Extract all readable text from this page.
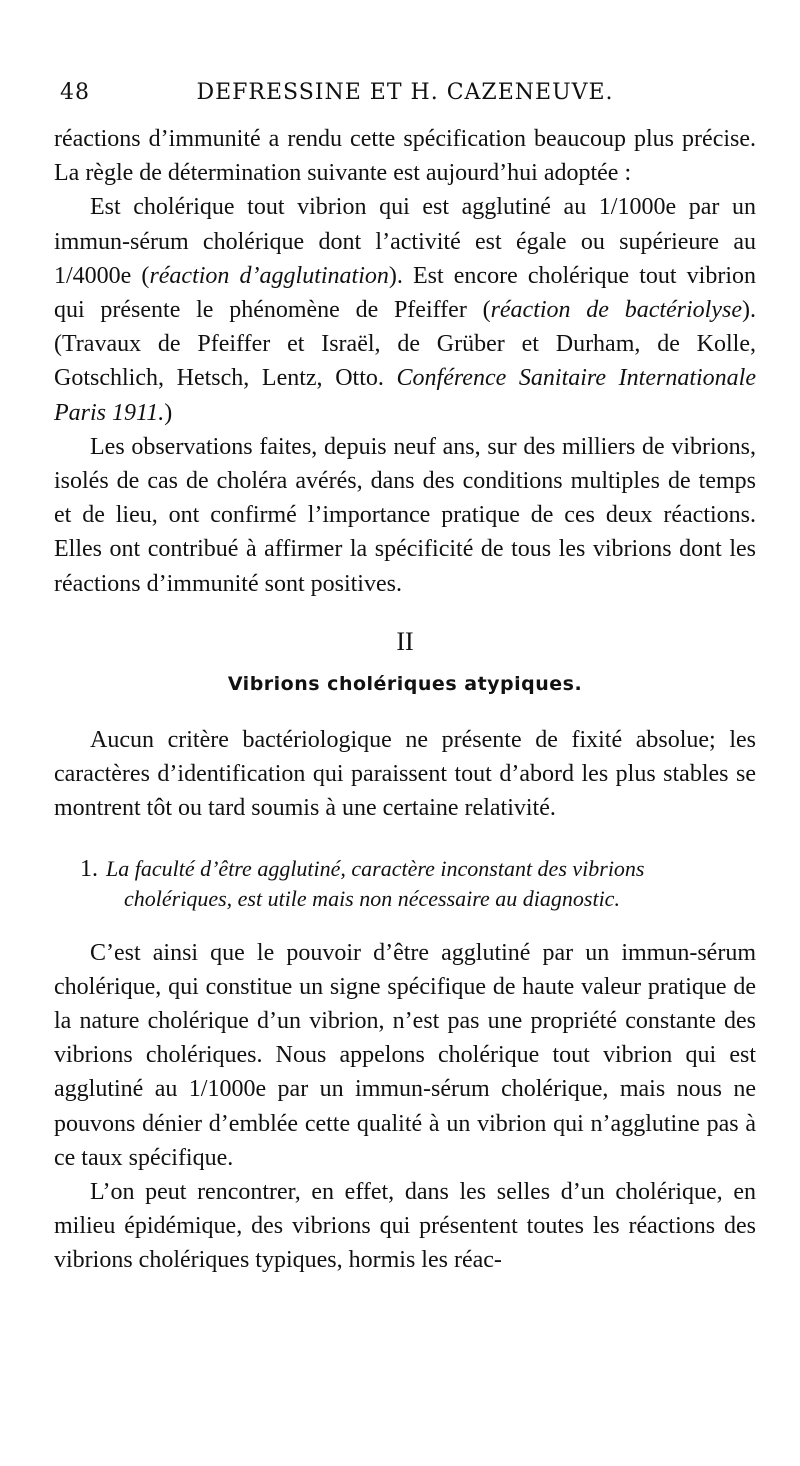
48	DEFRESSINE ET H. CAZENEUVE.

réactions d’immunité a rendu cette spécification beaucoup plus précise. La règle de détermination suivante est aujourd’hui adoptée :

Est cholérique tout vibrion qui est agglutiné au 1/1000e par un immun-sérum cholérique dont l’activité est égale ou supérieure au 1/4000e (réaction d’agglutination). Est encore cholérique tout vibrion qui présente le phénomène de Pfeiffer (réaction de bactériolyse). (Travaux de Pfeiffer et Israël, de Grüber et Durham, de Kolle, Gotschlich, Hetsch, Lentz, Otto. Conférence Sanitaire Internationale Paris 1911.)

Les observations faites, depuis neuf ans, sur des milliers de vibrions, isolés de cas de choléra avérés, dans des conditions multiples de temps et de lieu, ont confirmé l’importance pratique de ces deux réactions. Elles ont contribué à affirmer la spécificité de tous les vibrions dont les réactions d’immunité sont positives.

II
Vibrions cholériques atypiques.

Aucun critère bactériologique ne présente de fixité absolue; les caractères d’identification qui paraissent tout d’abord les plus stables se montrent tôt ou tard soumis à une certaine relativité.

1. La faculté d’être agglutiné, caractère inconstant des vibrions cholériques, est utile mais non nécessaire au diagnostic.

C’est ainsi que le pouvoir d’être agglutiné par un immun-sérum cholérique, qui constitue un signe spécifique de haute valeur pratique de la nature cholérique d’un vibrion, n’est pas une propriété constante des vibrions cholériques. Nous appelons cholérique tout vibrion qui est agglutiné au 1/1000e par un immun-sérum cholérique, mais nous ne pouvons dénier d’emblée cette qualité à un vibrion qui n’agglutine pas à ce taux spécifique.

L’on peut rencontrer, en effet, dans les selles d’un cholérique, en milieu épidémique, des vibrions qui présentent toutes les réactions des vibrions cholériques typiques, hormis les réac-
